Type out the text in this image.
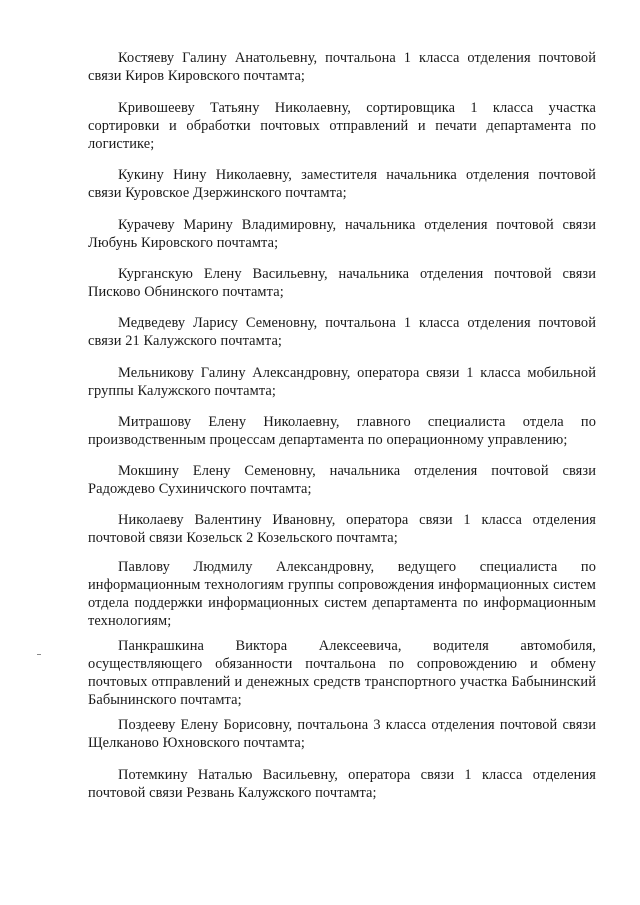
Костяеву Галину Анатольевну, почтальона 1 класса отделения почтовой связи Киров Кировского почтамта;

Кривошееву Татьяну Николаевну, сортировщика 1 класса участка сортировки и обработки почтовых отправлений и печати департамента по логистике;

Кукину Нину Николаевну, заместителя начальника отделения почтовой связи Куровское Дзержинского почтамта;

Курачеву Марину Владимировну, начальника отделения почтовой связи Любунь Кировского почтамта;

Курганскую Елену Васильевну, начальника отделения почтовой связи Писково Обнинского почтамта;

Медведеву Ларису Семеновну, почтальона 1 класса отделения почтовой связи 21 Калужского почтамта;

Мельникову Галину Александровну, оператора связи 1 класса мобильной группы Калужского почтамта;

Митрашову Елену Николаевну, главного специалиста отдела по производственным процессам департамента по операционному управлению;

Мокшину Елену Семеновну, начальника отделения почтовой связи Радождево Сухиничского почтамта;

Николаеву Валентину Ивановну, оператора связи 1 класса отделения почтовой связи Козельск 2 Козельского почтамта;

Павлову Людмилу Александровну, ведущего специалиста по информационным технологиям группы сопровождения информационных систем отдела поддержки информационных систем департамента по информационным технологиям;

Панкрашкина Виктора Алексеевича, водителя автомобиля, осуществляющего обязанности почтальона по сопровождению и обмену почтовых отправлений и денежных средств транспортного участка Бабынинский Бабынинского почтамта;

Поздееву Елену Борисовну, почтальона 3 класса отделения почтовой связи Щелканово Юхновского почтамта;

Потемкину Наталью Васильевну, оператора связи 1 класса отделения почтовой связи Резвань Калужского почтамта;
